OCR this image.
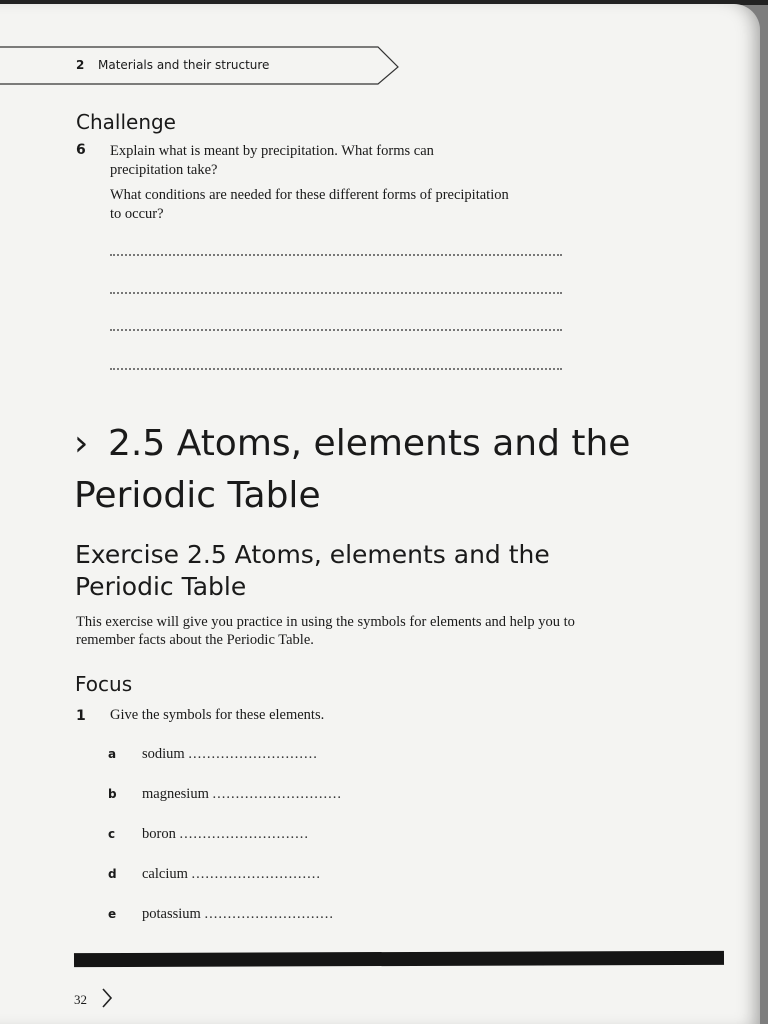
2 Materials and their structure
Challenge
6 Explain what is meant by precipitation. What forms can precipitation take?
What conditions are needed for these different forms of precipitation to occur?
› 2.5 Atoms, elements and the Periodic Table
Exercise 2.5 Atoms, elements and the Periodic Table
This exercise will give you practice in using the symbols for elements and help you to remember facts about the Periodic Table.
Focus
1 Give the symbols for these elements.
a sodium ............................
b magnesium ............................
c boron ............................
d calcium ............................
e potassium ............................
32
